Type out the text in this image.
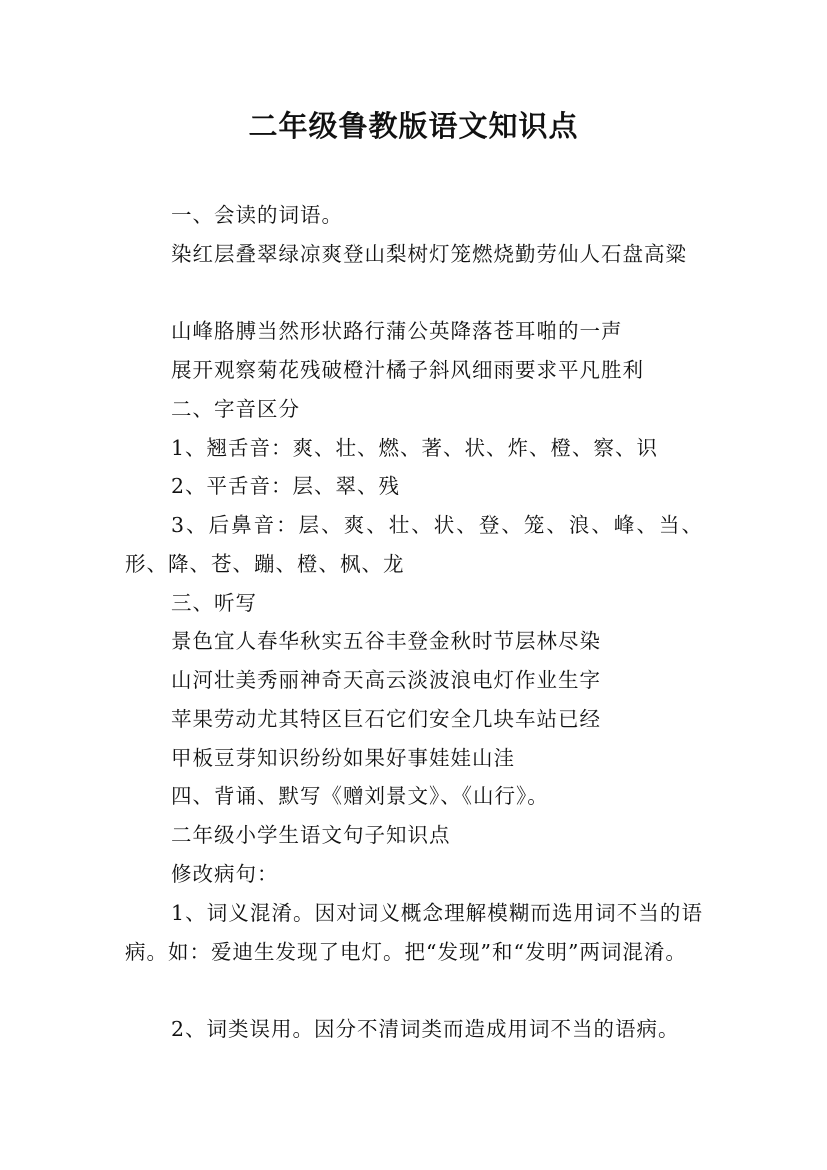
二年级鲁教版语文知识点
一、会读的词语。
染红层叠翠绿凉爽登山梨树灯笼燃烧勤劳仙人石盘高粱
山峰胳膊当然形状路行蒲公英降落苍耳啪的一声
展开观察菊花残破橙汁橘子斜风细雨要求平凡胜利
二、字音区分
1、翘舌音：爽、壮、燃、著、状、炸、橙、察、识
2、平舌音：层、翠、残
3、后鼻音：层、爽、壮、状、登、笼、浪、峰、当、形、降、苍、蹦、橙、枫、龙
三、听写
景色宜人春华秋实五谷丰登金秋时节层林尽染
山河壮美秀丽神奇天高云淡波浪电灯作业生字
苹果劳动尤其特区巨石它们安全几块车站已经
甲板豆芽知识纷纷如果好事娃娃山洼
四、背诵、默写《赠刘景文》、《山行》。
二年级小学生语文句子知识点
修改病句：
1、词义混淆。因对词义概念理解模糊而选用词不当的语病。如：爱迪生发现了电灯。把“发现”和“发明”两词混淆。
2、词类误用。因分不清词类而造成用词不当的语病。
